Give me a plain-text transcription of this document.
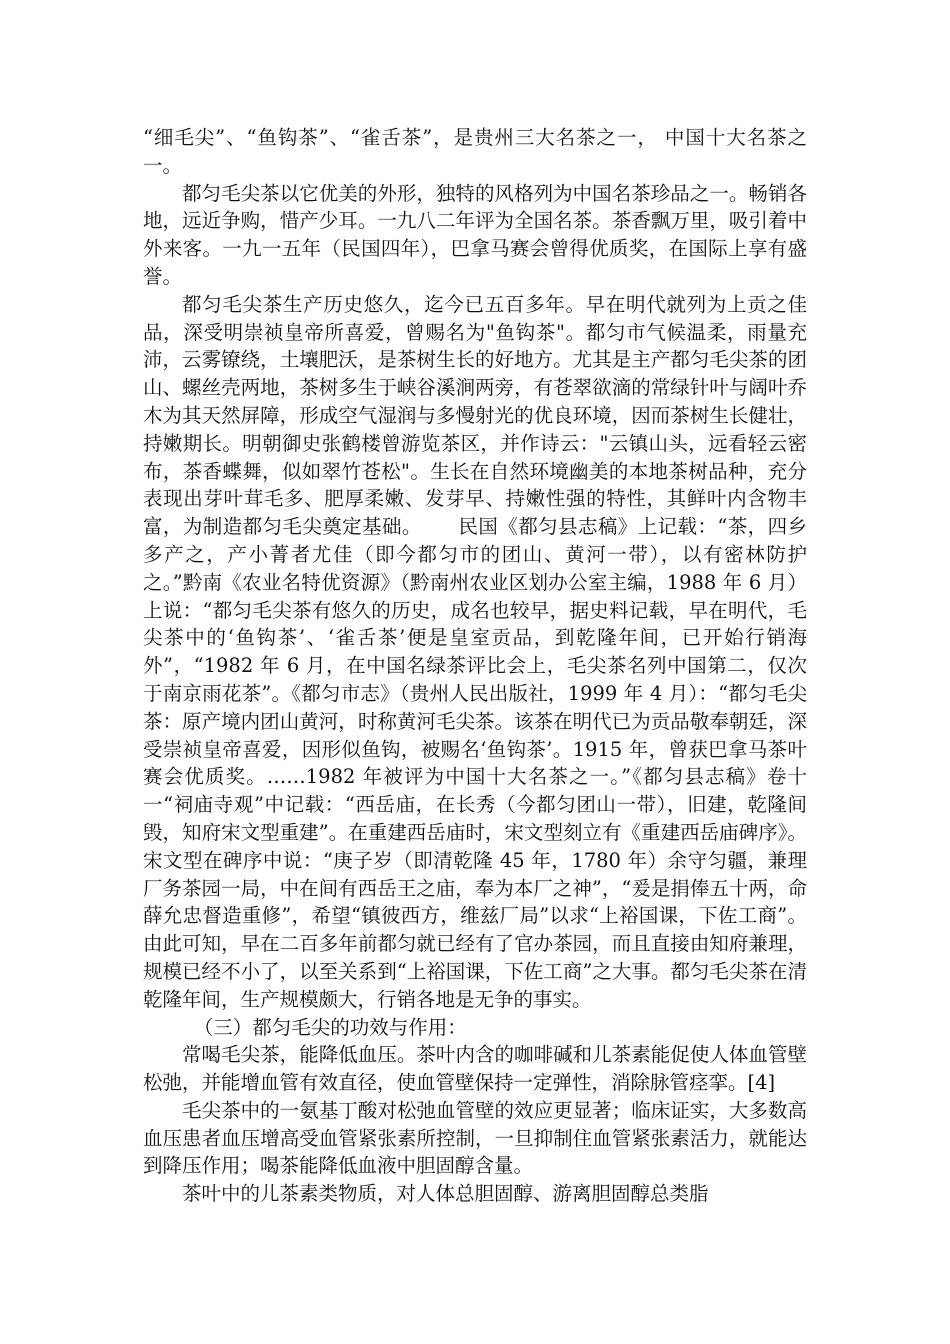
“细毛尖”、“鱼钩茶”、“雀舌茶”，是贵州三大名茶之一， 中国十大名茶之一。

都匀毛尖茶以它优美的外形，独特的风格列为中国名茶珍品之一。畅销各地，远近争购，惜产少耳。一九八二年评为全国名茶。茶香飘万里，吸引着中外来客。一九一五年（民国四年），巴拿马赛会曾得优质奖，在国际上享有盛誉。

都匀毛尖茶生产历史悠久，迄今已五百多年。早在明代就列为上贡之佳品，深受明崇祯皇帝所喜爱，曾赐名为"鱼钩茶"。都匀市气候温柔，雨量充沛，云雾镣绕，土壤肥沃，是茶树生长的好地方。尤其是主产都匀毛尖茶的团山、螺丝壳两地，茶树多生于峡谷溪涧两旁，有苍翠欲滴的常绿针叶与阔叶乔木为其天然屏障，形成空气湿润与多慢射光的优良环境，因而茶树生长健壮，持嫩期长。明朝御史张鹤楼曾游览茶区，并作诗云："云镇山头，远看轻云密布，茶香蝶舞，似如翠竹苍松"。生长在自然环境幽美的本地茶树品种，充分表现出芽叶茸毛多、肥厚柔嫩、发芽早、持嫩性强的特性，其鲜叶内含物丰富，为制造都匀毛尖奠定基础。　　 民国《都匀县志稿》上记载：“茶，四乡多产之，产小菁者尤佳（即今都匀市的团山、黄河一带），以有密林防护之。”黔南《农业名特优资源》（黔南州农业区划办公室主编，1988 年 6 月）上说：“都匀毛尖茶有悠久的历史，成名也较早，据史料记载，早在明代，毛尖茶中的‘鱼钩茶’、‘雀舌茶’便是皇室贡品，到乾隆年间，已开始行销海外”，“1982 年 6 月，在中国名绿茶评比会上，毛尖茶名列中国第二，仅次于南京雨花茶”。《都匀市志》（贵州人民出版社，1999 年 4 月）：“都匀毛尖茶：原产境内团山黄河，时称黄河毛尖茶。该茶在明代已为贡品敬奉朝廷，深受崇祯皇帝喜爱，因形似鱼钩，被赐名‘鱼钩茶’。1915 年，曾获巴拿马茶叶赛会优质奖。……1982 年被评为中国十大名茶之一。”《都匀县志稿》卷十一“祠庙寺观”中记载：“西岳庙，在长秀（今都匀团山一带），旧建，乾隆间毁，知府宋文型重建”。在重建西岳庙时，宋文型刻立有《重建西岳庙碑序》。宋文型在碑序中说：“庚子岁（即清乾隆 45 年，1780 年）余守匀疆，兼理厂务茶园一局，中在间有西岳王之庙，奉为本厂之神”，“爰是捐俸五十两，命薛允忠督造重修”，希望“镇彼西方，维兹厂局”以求“上裕国课，下佐工商”。由此可知，早在二百多年前都匀就已经有了官办茶园，而且直接由知府兼理，规模已经不小了，以至关系到“上裕国课，下佐工商”之大事。都匀毛尖茶在清乾隆年间，生产规模颇大，行销各地是无争的事实。

（三）都匀毛尖的功效与作用：

常喝毛尖茶，能降低血压。茶叶内含的咖啡碱和儿茶素能促使人体血管壁松弛，并能增血管有效直径，使血管壁保持一定弹性，消除脉管痉挛。[4]

毛尖茶中的一氨基丁酸对松弛血管壁的效应更显著；临床证实，大多数高血压患者血压增高受血管紧张素所控制，一旦抑制住血管紧张素活力，就能达到降压作用；喝茶能降低血液中胆固醇含量。

茶叶中的儿茶素类物质，对人体总胆固醇、游离胆固醇总类脂
